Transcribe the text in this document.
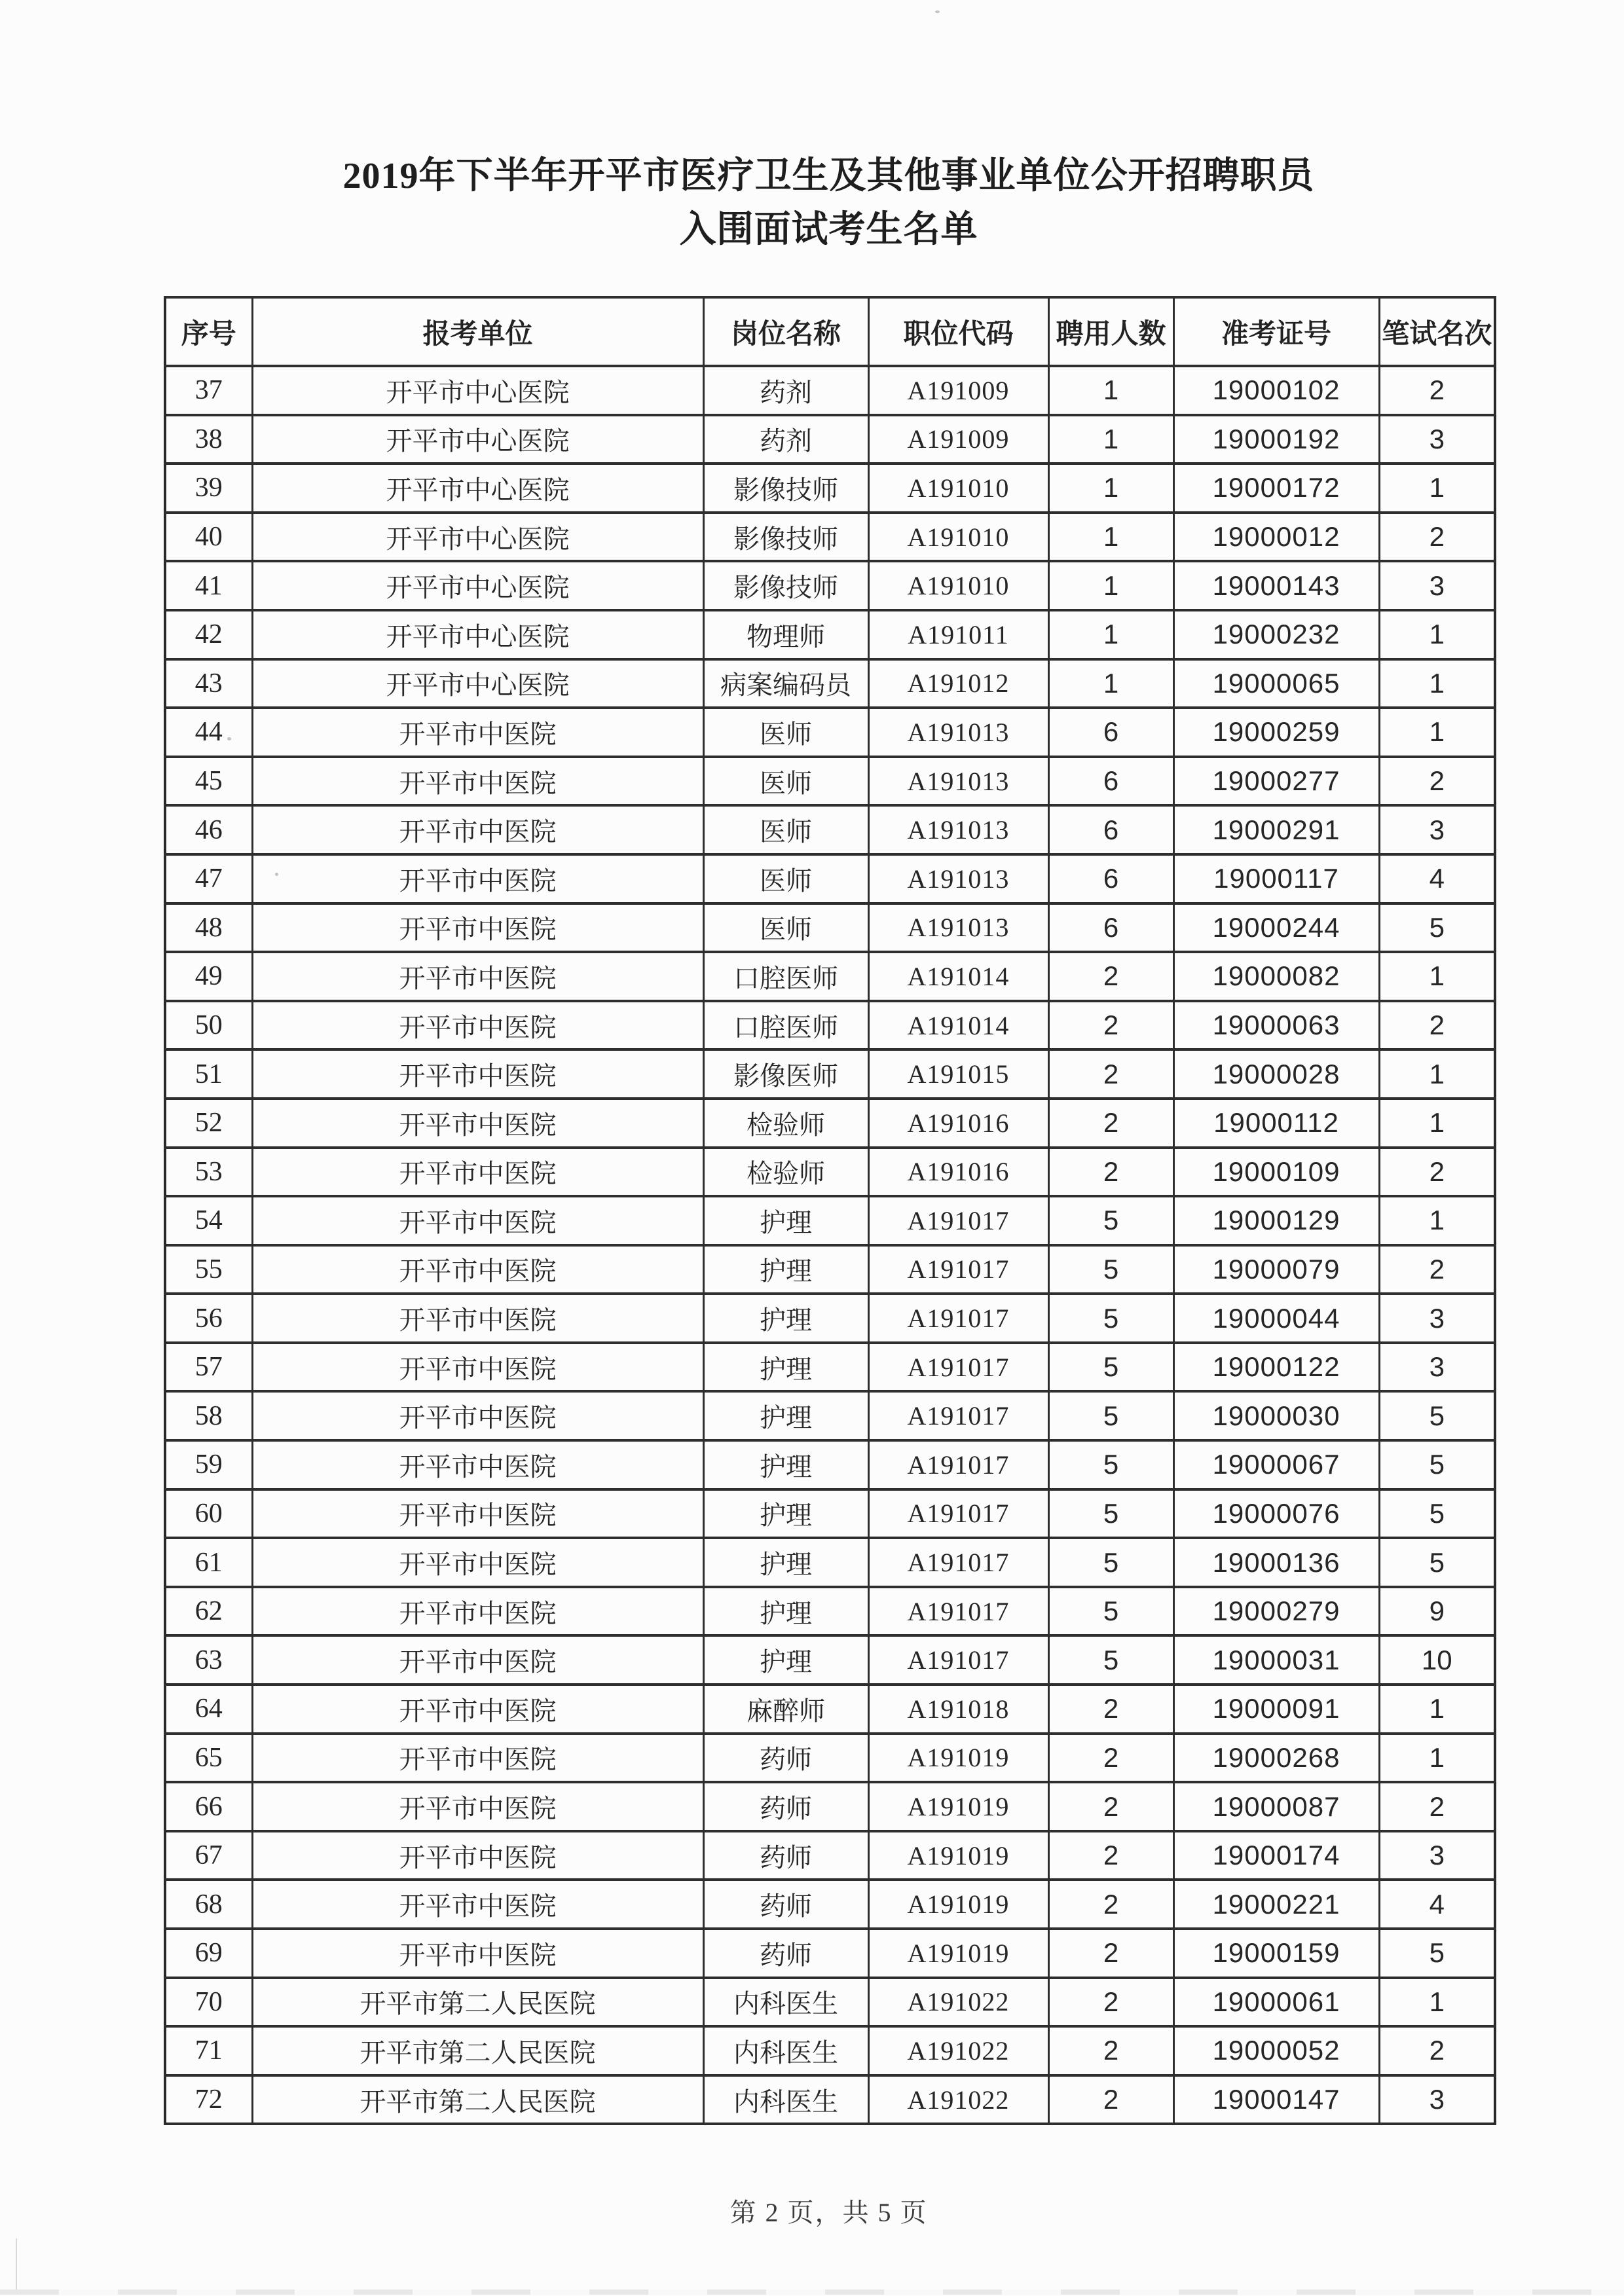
2019年下半年开平市医疗卫生及其他事业单位公开招聘职员
入围面试考生名单
序号	报考单位	岗位名称	职位代码	聘用人数	准考证号	笔试名次
37	开平市中心医院	药剂	A191009	1	19000102	2
38	开平市中心医院	药剂	A191009	1	19000192	3
39	开平市中心医院	影像技师	A191010	1	19000172	1
40	开平市中心医院	影像技师	A191010	1	19000012	2
41	开平市中心医院	影像技师	A191010	1	19000143	3
42	开平市中心医院	物理师	A191011	1	19000232	1
43	开平市中心医院	病案编码员	A191012	1	19000065	1
44	开平市中医院	医师	A191013	6	19000259	1
45	开平市中医院	医师	A191013	6	19000277	2
46	开平市中医院	医师	A191013	6	19000291	3
47	开平市中医院	医师	A191013	6	19000117	4
48	开平市中医院	医师	A191013	6	19000244	5
49	开平市中医院	口腔医师	A191014	2	19000082	1
50	开平市中医院	口腔医师	A191014	2	19000063	2
51	开平市中医院	影像医师	A191015	2	19000028	1
52	开平市中医院	检验师	A191016	2	19000112	1
53	开平市中医院	检验师	A191016	2	19000109	2
54	开平市中医院	护理	A191017	5	19000129	1
55	开平市中医院	护理	A191017	5	19000079	2
56	开平市中医院	护理	A191017	5	19000044	3
57	开平市中医院	护理	A191017	5	19000122	3
58	开平市中医院	护理	A191017	5	19000030	5
59	开平市中医院	护理	A191017	5	19000067	5
60	开平市中医院	护理	A191017	5	19000076	5
61	开平市中医院	护理	A191017	5	19000136	5
62	开平市中医院	护理	A191017	5	19000279	9
63	开平市中医院	护理	A191017	5	19000031	10
64	开平市中医院	麻醉师	A191018	2	19000091	1
65	开平市中医院	药师	A191019	2	19000268	1
66	开平市中医院	药师	A191019	2	19000087	2
67	开平市中医院	药师	A191019	2	19000174	3
68	开平市中医院	药师	A191019	2	19000221	4
69	开平市中医院	药师	A191019	2	19000159	5
70	开平市第二人民医院	内科医生	A191022	2	19000061	1
71	开平市第二人民医院	内科医生	A191022	2	19000052	2
72	开平市第二人民医院	内科医生	A191022	2	19000147	3
第 2 页，共 5 页
